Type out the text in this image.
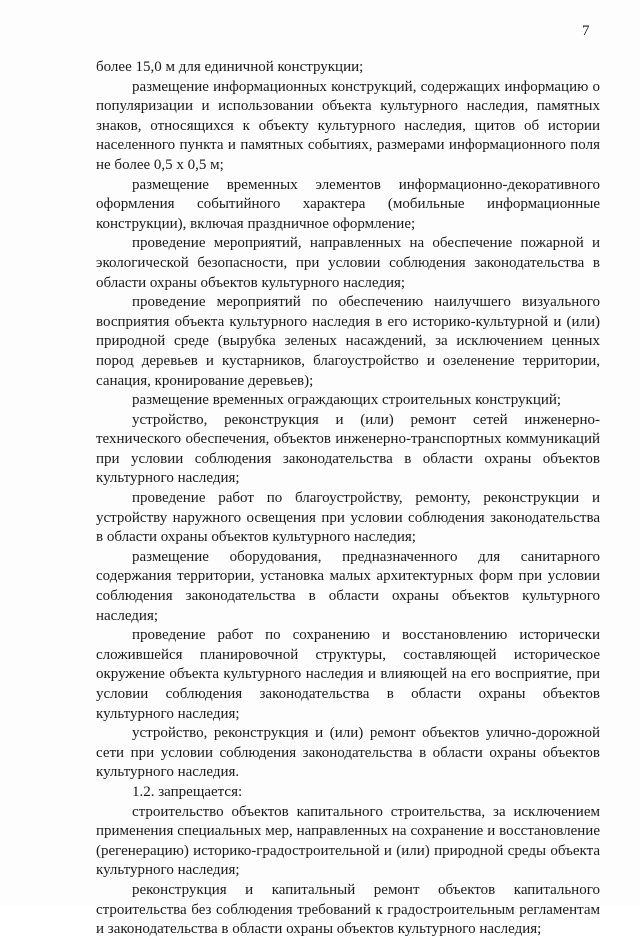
7

более 15,0 м для единичной конструкции;

размещение информационных конструкций, содержащих информацию о популяризации и использовании объекта культурного наследия, памятных знаков, относящихся к объекту культурного наследия, щитов об истории населенного пункта и памятных событиях, размерами информационного поля не более 0,5 х 0,5 м;

размещение временных элементов информационно-декоративного оформления событийного характера (мобильные информационные конструкции), включая праздничное оформление;

проведение мероприятий, направленных на обеспечение пожарной и экологической безопасности, при условии соблюдения законодательства в области охраны объектов культурного наследия;

проведение мероприятий по обеспечению наилучшего визуального восприятия объекта культурного наследия в его историко-культурной и (или) природной среде (вырубка зеленых насаждений, за исключением ценных пород деревьев и кустарников, благоустройство и озеленение территории, санация, кронирование деревьев);

размещение временных ограждающих строительных конструкций;

устройство, реконструкция и (или) ремонт сетей инженерно-технического обеспечения, объектов инженерно-транспортных коммуникаций при условии соблюдения законодательства в области охраны объектов культурного наследия;

проведение работ по благоустройству, ремонту, реконструкции и устройству наружного освещения при условии соблюдения законодательства в области охраны объектов культурного наследия;

размещение оборудования, предназначенного для санитарного содержания территории, установка малых архитектурных форм при условии соблюдения законодательства в области охраны объектов культурного наследия;

проведение работ по сохранению и восстановлению исторически сложившейся планировочной структуры, составляющей историческое окружение объекта культурного наследия и влияющей на его восприятие, при условии соблюдения законодательства в области охраны объектов культурного наследия;

устройство, реконструкция и (или) ремонт объектов улично-дорожной сети при условии соблюдения законодательства в области охраны объектов культурного наследия.

1.2. запрещается:

строительство объектов капитального строительства, за исключением применения специальных мер, направленных на сохранение и восстановление (регенерацию) историко-градостроительной и (или) природной среды объекта культурного наследия;

реконструкция и капитальный ремонт объектов капитального строительства без соблюдения требований к градостроительным регламентам и законодательства в области охраны объектов культурного наследия;
